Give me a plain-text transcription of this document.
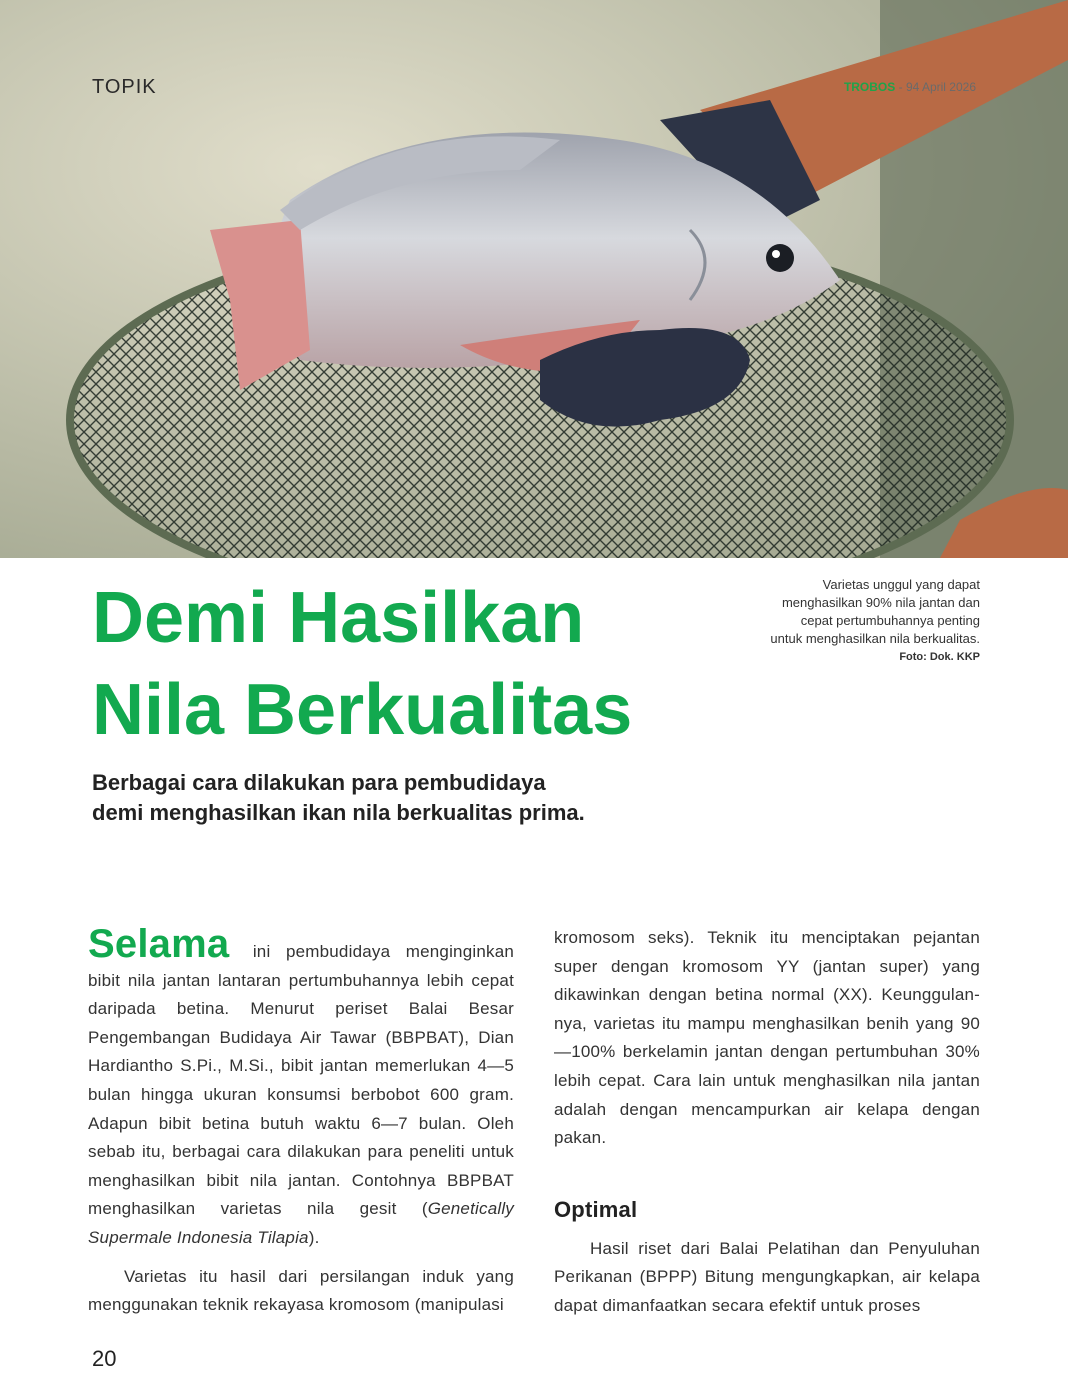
TOPIK	TROBOS - 94 April 2026
Demi Hasilkan
Nila Berkualitas
Varietas unggul yang dapat
menghasilkan 90% nila jantan dan
cepat pertumbuhannya penting
untuk menghasilkan nila berkualitas.
Foto: Dok. KKP
Berbagai cara dilakukan para pembudidaya
demi menghasilkan ikan nila berkualitas prima.

Selama ini pembudidaya menginginkan bibit nila jantan lantaran pertumbuhannya lebih cepat daripada betina. Menurut periset Balai Besar Pengembangan Budidaya Air Tawar (BBPBAT), Dian Hardiantho S.Pi., M.Si., bibit jantan memerlukan 4—5 bulan hingga ukuran konsumsi berbobot 600 gram. Adapun bibit betina butuh waktu 6—7 bulan. Oleh sebab itu, berbagai cara dilakukan para peneliti untuk menghasilkan bibit nila jantan. Contohnya BBPBAT menghasilkan varietas nila gesit (Genetically Supermale Indonesia Tilapia).

Varietas itu hasil dari persilangan induk yang menggunakan teknik rekayasa kromosom (manipulasi

kromosom seks). Teknik itu menciptakan pejantan super dengan kromosom YY (jantan super) yang dikawinkan dengan betina normal (XX). Keunggulan-nya, varietas itu mampu menghasilkan benih yang 90—100% berkelamin jantan dengan pertumbuhan 30% lebih cepat. Cara lain untuk menghasilkan nila jantan adalah dengan mencampurkan air kelapa dengan pakan.

Optimal

Hasil riset dari Balai Pelatihan dan Penyuluhan Perikanan (BPPP) Bitung mengungkapkan, air kelapa dapat dimanfaatkan secara efektif untuk proses

20
